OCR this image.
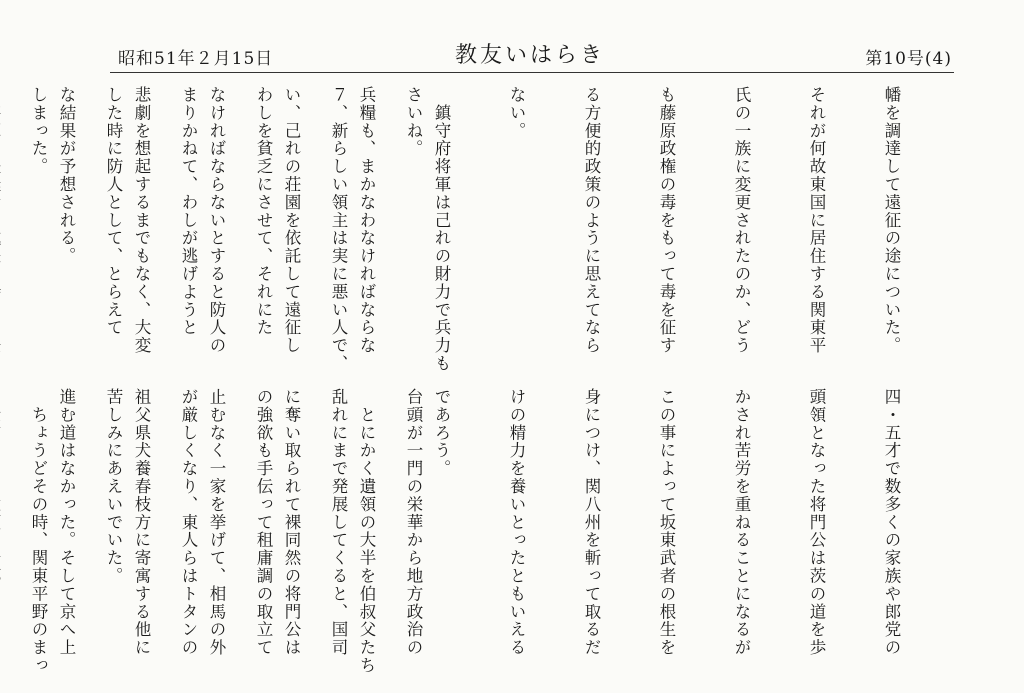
昭和51年２月15日	教友いはらき	第10号(4)

幡を調達して遠征の途についた。

それが何故東国に居住する関東平

氏の一族に変更されたのか、どう

も藤原政権の毒をもって毒を征す

る方便的政策のように思えてなら

ない。

　鎮守府将軍は己れの財力で兵力も

兵糧も、まかなわなければならな

い、己れの荘園を依託して遠征し

なければならないとすると防人の

悲劇を想起するまでもなく、大変

な結果が予想される。

	さいね。

７、新らしい領主は実に悪い人で、

わしを貧乏にさせて、それにた

まりかねて、わしが逃げようと

した時に防人として、とらえて

しまった。

四・五才で数多くの家族や郎党の

頭領となった将門公は茨の道を歩

かされ苦労を重ねることになるが

この事によって坂東武者の根生を

身につけ、関八州を斬って取るだ

けの精力を養いとったともいえる

であろう。

　とにかく遺領の大半を伯叔父たち

に奪い取られて裸同然の将門公は

止むなく一家を挙げて、相馬の外

祖父県犬養春枝方に寄寓する他に

進む道はなかった。そして京へ上

	台頭が一門の栄華から地方政治の

乱れにまで発展してくると、国司

の強欲も手伝って租庸調の取立て

が厳しくなり、東人らはトタンの

苦しみにあえいでいた。

　ちょうどその時、関東平野のまっ
